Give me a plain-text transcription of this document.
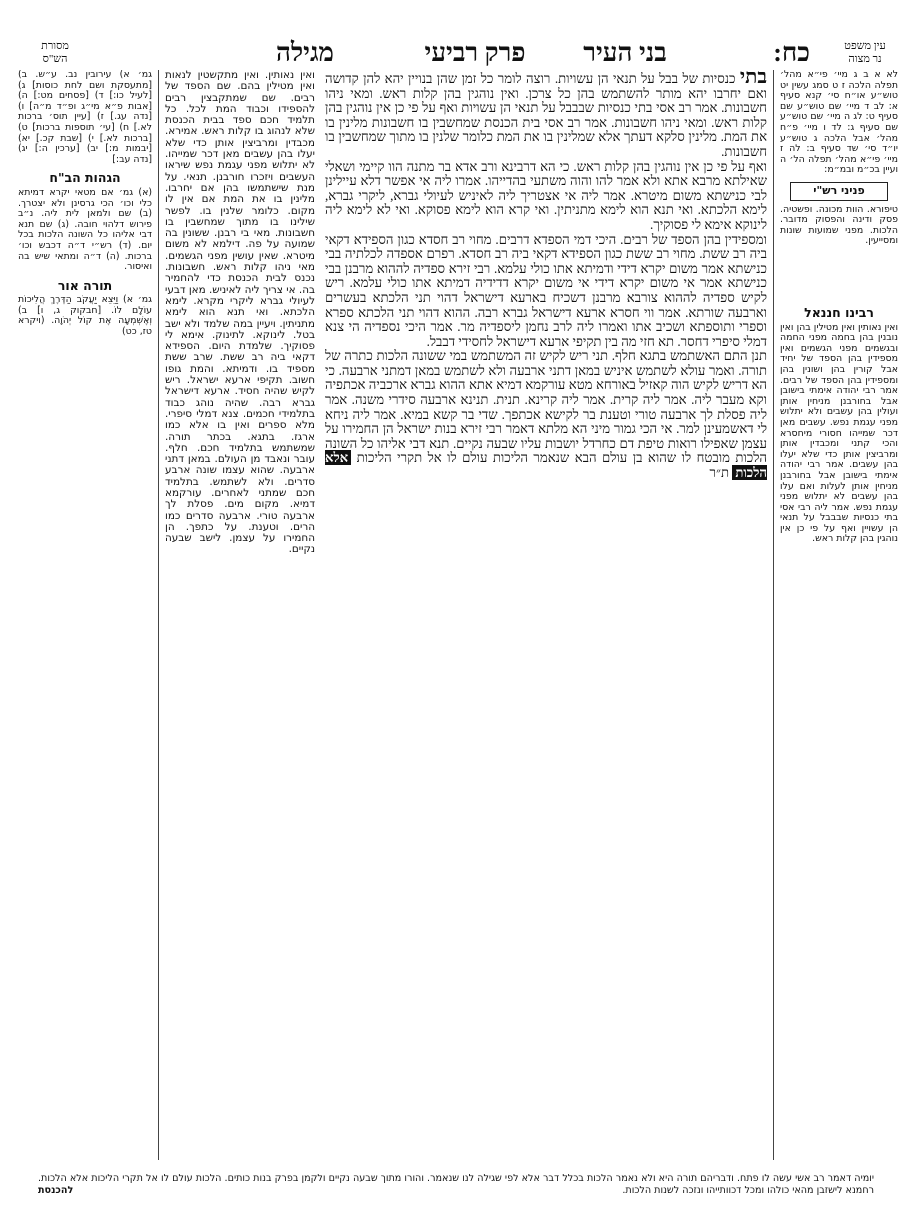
עין משפט
נר מצוה
כח:
בני העיר
פרק רביעי
מגילה
מסורת
הש"ס

לא א ב ג מיי׳ פי״א מהל׳ תפלה הלכה ז ט סמג עשין יט טוש״ע או״ח סי׳ קנא סעיף א: לב ד מיי׳ שם טוש״ע שם סעיף ט: לג ה מיי׳ שם טוש״ע שם סעיף ג: לד ו מיי׳ פ״ח מהל׳ אבל הלכה ג טוש״ע יו״ד סי׳ שד סעיף ב: לה ז מיי׳ פי״א מהל׳ תפלה הל׳ ה ועיין בכ״מ ובמ״מ:

פניני רש"י

טיפורא. הוות מכונה. ופשטיה. פסק ודינה והפסוק מדובר. הלכות. מפני שמועות שונות ומסייעין.

רבינו חננאל

ואין נאותין ואין מטילין בהן ואין נובנין בהן בחמה מפני החמה ובגשמים מפני הגשמים ואין מספידין בהן הספד של יחיד אבל קורין בהן ושונין בהן ומספידין בהן הספד של רבים. אמר רבי יהודה אימתי בישובן אבל בחורבנן מניחין אותן ועולין בהן עשבים ולא יתלוש מפני עגמת נפש. עשבים מאן דכר שמייהו חסורי מיחסרא והכי קתני ומכבדין אותן ומרביצין אותן כדי שלא יעלו בהן עשבים. אמר רבי יהודה אימתי בישובן אבל בחורבנן מניחין אותן לעלות ואם עלו בהן עשבים לא יתלוש מפני עגמת נפש. אמר ליה רבי אסי בתי כנסיות שבבבל על תנאי הן עשויין ואף על פי כן אין נוהגין בהן קלות ראש.

גמ׳ א) עירובין נב. ע״ש. ב) [מתעסקת ושם לחת כוסות] ג) [לעיל כו:] ד) [פסחים מט:] ה) [אבות פ״א מי״ג ופ״ד מ״ה] ו) [נדה עג.] ז) [עיין תוס׳ ברכות לא.] ח) [עי׳ תוספות ברכות] ט) [ברכות לא.] י) [שבת קכ.] יא) [יבמות מ:] יב) [ערכין ה:] יג) [נדה עב:]

הגהות הב"ח

(א) גמ׳ אם מטאי יקרא דמיתא כלי וכו׳ הכי גרסינן ולא יצטרך. (ב) שם ולמאן לית ליה. נ״ב פירוש דלהוי חובה. (ג) שם תנא דבי אליהו כל השונה הלכות בכל יום. (ד) רש״י ד״ה דכבש וכו׳ ברכות. (ה) ד״ה ומתאי שיש בה ואיסור.

תורה אור

גמ׳ א) וַיֵּצֵא יַעֲקֹב הַדֶּרֶךְ הֲלִיכוֹת עוֹלָם לוֹ. [חבקוק ג, ו] ב) וְאֶשְׁמְעָה אֶת קוֹל יְהֹוָה. (ויקרא טז, כט)

ואין נאותין. ואין מתקשטין לנאות ואין מטילין בהם. שם הספד של רבים. שם שמתקבצין רבים להספידו וכבוד המת לכל. כל תלמיד חכם ספד בבית הכנסת שלא לנהוג בו קלות ראש. אמירא. מכבדין ומרביצין אותן כדי שלא יעלו בהן עשבים מאן דכר שמייהו. לא יתלוש מפני עגמת נפש שיראו העשבים ויזכרו חורבנן. תנאי. על מנת שישתמשו בהן אם יחרבו. מלינין בו את המת אם אין לו מקום. כלומר שלנין בו. לפשר שילינו בו מתוך שמחשבין בו חשבונות. מאי בי רבנן. ששונין בה שמועה על פה. דילמא לא משום מיטרא. שאין עושין מפני הגשמים. מאי ניהו קלות ראש. חשבונות. נכנס לבית הכנסת כדי להחמיר בה. אי צריך ליה לאיניש. מאן דבעי לעיולי גברא ליקרי מקרא. לימא הלכתא. ואי תנא הוא לימא מתניתין. ויעיין במה שלמד ולא ישב בטל. לינוקא. לתינוק. אימא לי פסוקיך. שלמדת היום. הספידא דקאי ביה רב ששת. שרב ששת מספיד בו. ודמיתא. והמת גופו חשוב. תקיפי ארעא ישראל. ריש לקיש שהיה חסיד. ארעא דישראל גברא רבה. שהיה נוהג כבוד בתלמידי חכמים. צנא דמלי סיפרי. מלא ספרים ואין בו אלא כמו ארגז. בתגא. בכתר תורה. שמשתמש בתלמיד חכם. חלף. עובר ונאבד מן העולם. במאן דתני ארבעה. שהוא עצמו שונה ארבע סדרים. ולא לשתמש. בתלמיד חכם שמתני לאחרים. עורקמא דמיא. מקום מים. פסלת לך ארבעה טורי. ארבעה סדרים כמו הרים. וטענת. על כתפך. הן החמירו על עצמן. לישב שבעה נקיים.

בתי כנסיות של בבל על תנאי הן עשויות. רוצה לומר כל זמן שהן בנויין יהא להן קדושה ואם יחרבו יהא מותר להשתמש בהן כל צרכן. ואין נוהגין בהן קלות ראש. ומאי ניהו חשבונות. אמר רב אסי בתי כנסיות שבבבל על תנאי הן עשויות ואף על פי כן אין נוהגין בהן קלות ראש. ומאי ניהו חשבונות. אמר רב אסי בית הכנסת שמחשבין בו חשבונות מלינין בו את המת. מלינין סלקא דעתך אלא שמלינין בו את המת כלומר שלנין בו מתוך שמחשבין בו חשבונות.

ואף על פי כן אין נוהגין בהן קלות ראש. כי הא דרבינא ורב אדא בר מתנה הוו קיימי ושאלי שאילתא מרבא אתא ולא אמר להו והוה משתעי בהדייהו. אמרו ליה אי אפשר דלא עיילינן לבי כנישתא משום מיטרא. אמר ליה אי אצטריך ליה לאיניש לעיולי גברא, ליקרי גברא, לימא הלכתא. ואי תנא הוא לימא מתניתין. ואי קרא הוא לימא פסוקא. ואי לא לימא ליה לינוקא אימא לי פסוקיך.

ומספידין בהן הספד של רבים. היכי דמי הספדא דרבים. מחוי רב חסדא כגון הספידא דקאי ביה רב ששת. מחוי רב ששת כגון הספידא דקאי ביה רב חסדא. רפרם אספדה לכלתיה בבי כנישתא אמר משום יקרא דידי ודמיתא אתו כולי עלמא. רבי זירא ספדיה לההוא מרבנן בבי כנישתא אמר אי משום יקרא דידי אי משום יקרא דדידיה דמיתא אתו כולי עלמא. ריש לקיש ספדיה לההוא צורבא מרבנן דשכיח בארעא דישראל דהוי תני הלכתא בעשרים וארבעה שורתא. אמר ווי חסרא ארעא דישראל גברא רבה. ההוא דהוי תני הלכתא ספרא וספרי ותוספתא ושכיב אתו ואמרו ליה לרב נחמן ליספדיה מר. אמר היכי נספדיה הי צנא דמלי סיפרי דחסר. תא חזי מה בין תקיפי ארעא דישראל לחסידי דבבל.

תנן התם האשתמש בתגא חלף. תני ריש לקיש זה המשתמש במי ששונה הלכות כתרה של תורה. ואמר עולא לשתמש איניש במאן דתני ארבעה ולא לשתמש במאן דמתני ארבעה. כי הא דריש לקיש הוה קאזיל באורחא מטא עורקמא דמיא אתא ההוא גברא ארכביה אכתפיה וקא מעבר ליה. אמר ליה קרית. אמר ליה קרינא. תנית. תנינא ארבעה סידרי משנה. אמר ליה פסלת לך ארבעה טורי וטענת בר לקישא אכתפך. שדי בר קשא במיא. אמר ליה ניחא לי דאשמעינן למר. אי הכי גמור מיני הא מלתא דאמר רבי זירא בנות ישראל הן החמירו על עצמן שאפילו רואות טיפת דם כחרדל יושבות עליו שבעה נקיים. תנא דבי אליהו כל השונה הלכות מובטח לו שהוא בן עולם הבא שנאמר הליכות עולם לו אל תקרי הליכות אלא הלכות ת״ר

יומיה דאמר רב אשי עשה לו פתח. ודבריהם תורה היא ולא נאמר הלכות בכלל דבר אלא לפי שגילה לנו שנאמר. והורו מתוך שבעה נקיים ולקמן בפרק בנות כותים. הלכות עולם לו אל תקרי הליכות אלא הלכות. רחמנא לישזבן מהאי כולהו ומכל דכוותייהו ונזכה לשנות הלכות.
להכנסת
